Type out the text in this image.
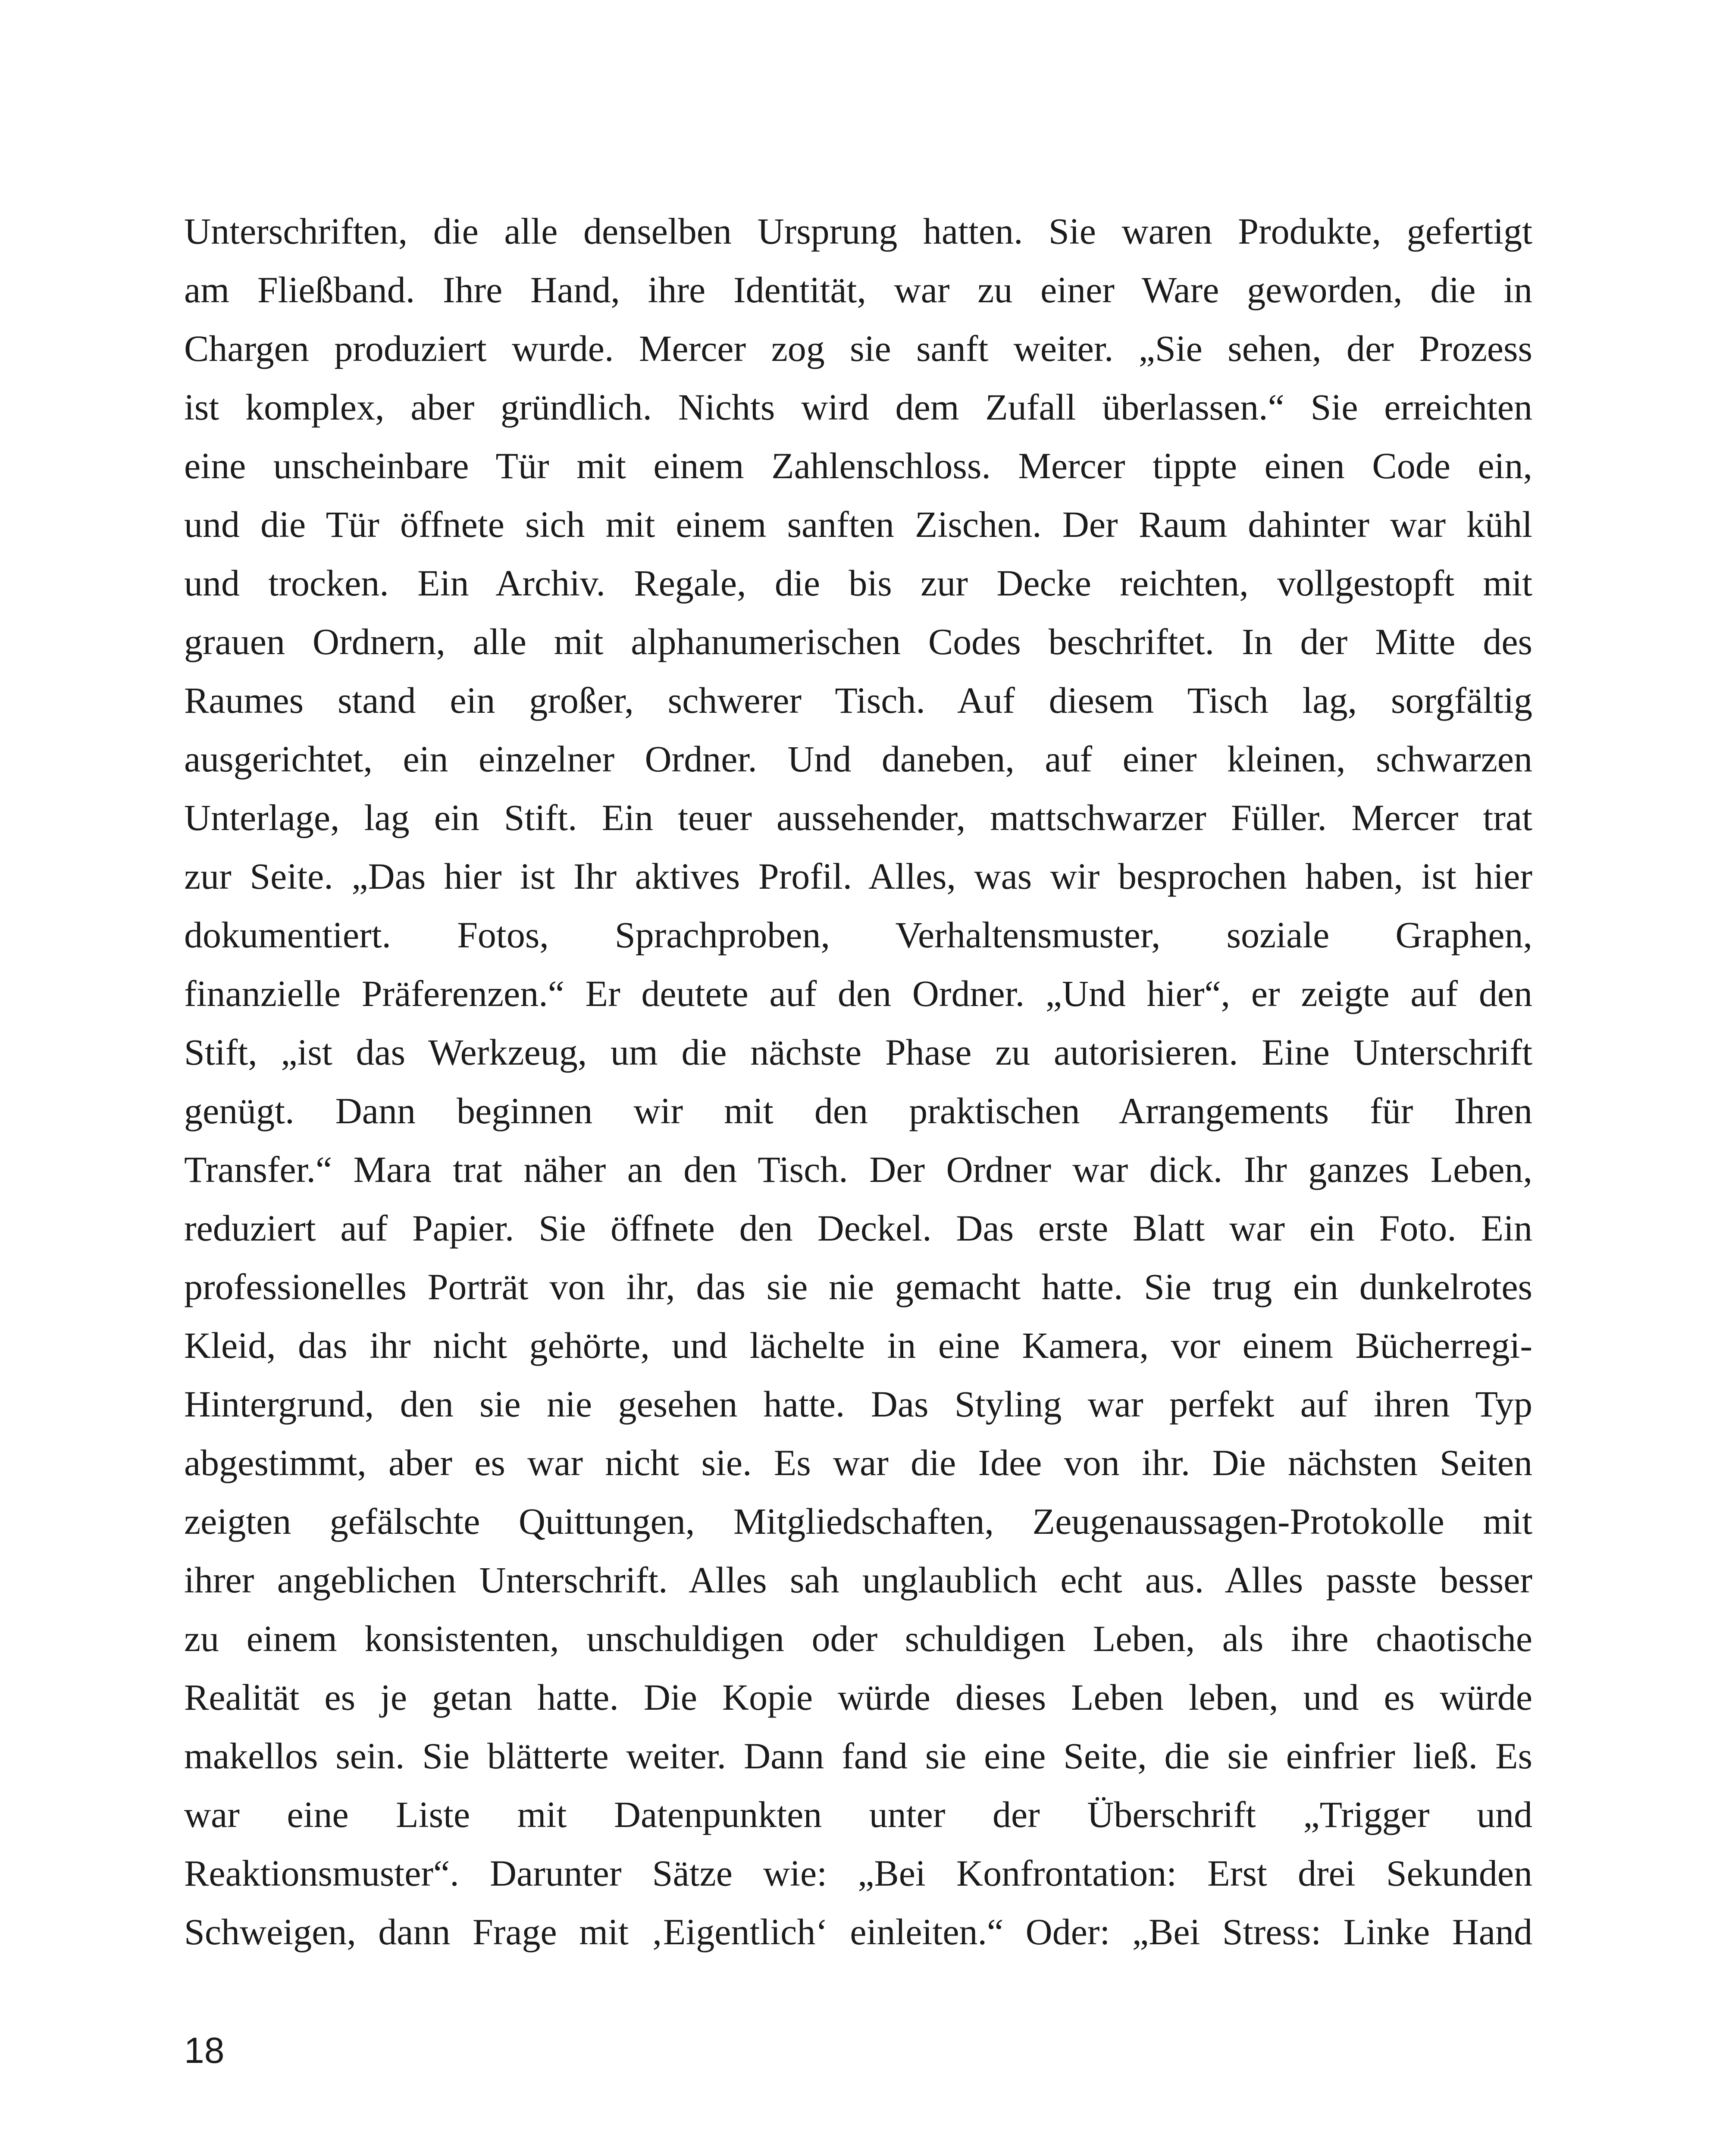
Unterschriften, die alle denselben Ursprung hatten. Sie waren Produkte, gefertigt
am Fließband. Ihre Hand, ihre Identität, war zu einer Ware geworden, die in
Chargen produziert wurde. Mercer zog sie sanft weiter. „Sie sehen, der Prozess
ist komplex, aber gründlich. Nichts wird dem Zufall überlassen.“ Sie erreichten
eine unscheinbare Tür mit einem Zahlenschloss. Mercer tippte einen Code ein,
und die Tür öffnete sich mit einem sanften Zischen. Der Raum dahinter war kühl
und trocken. Ein Archiv. Regale, die bis zur Decke reichten, vollgestopft mit
grauen Ordnern, alle mit alphanumerischen Codes beschriftet. In der Mitte des
Raumes stand ein großer, schwerer Tisch. Auf diesem Tisch lag, sorgfältig
ausgerichtet, ein einzelner Ordner. Und daneben, auf einer kleinen, schwarzen
Unterlage, lag ein Stift. Ein teuer aussehender, mattschwarzer Füller. Mercer trat
zur Seite. „Das hier ist Ihr aktives Profil. Alles, was wir besprochen haben, ist hier
dokumentiert. Fotos, Sprachproben, Verhaltensmuster, soziale Graphen,
finanzielle Präferenzen.“ Er deutete auf den Ordner. „Und hier“, er zeigte auf den
Stift, „ist das Werkzeug, um die nächste Phase zu autorisieren. Eine Unterschrift
genügt. Dann beginnen wir mit den praktischen Arrangements für Ihren
Transfer.“ Mara trat näher an den Tisch. Der Ordner war dick. Ihr ganzes Leben,
reduziert auf Papier. Sie öffnete den Deckel. Das erste Blatt war ein Foto. Ein
professionelles Porträt von ihr, das sie nie gemacht hatte. Sie trug ein dunkelrotes
Kleid, das ihr nicht gehörte, und lächelte in eine Kamera, vor einem Bücherregi-
Hintergrund, den sie nie gesehen hatte. Das Styling war perfekt auf ihren Typ
abgestimmt, aber es war nicht sie. Es war die Idee von ihr. Die nächsten Seiten
zeigten gefälschte Quittungen, Mitgliedschaften, Zeugenaussagen-Protokolle mit
ihrer angeblichen Unterschrift. Alles sah unglaublich echt aus. Alles passte besser
zu einem konsistenten, unschuldigen oder schuldigen Leben, als ihre chaotische
Realität es je getan hatte. Die Kopie würde dieses Leben leben, und es würde
makellos sein. Sie blätterte weiter. Dann fand sie eine Seite, die sie einfrier ließ. Es
war eine Liste mit Datenpunkten unter der Überschrift „Trigger und
Reaktionsmuster“. Darunter Sätze wie: „Bei Konfrontation: Erst drei Sekunden
Schweigen, dann Frage mit ‚Eigentlich‘ einleiten.“ Oder: „Bei Stress: Linke Hand
18
